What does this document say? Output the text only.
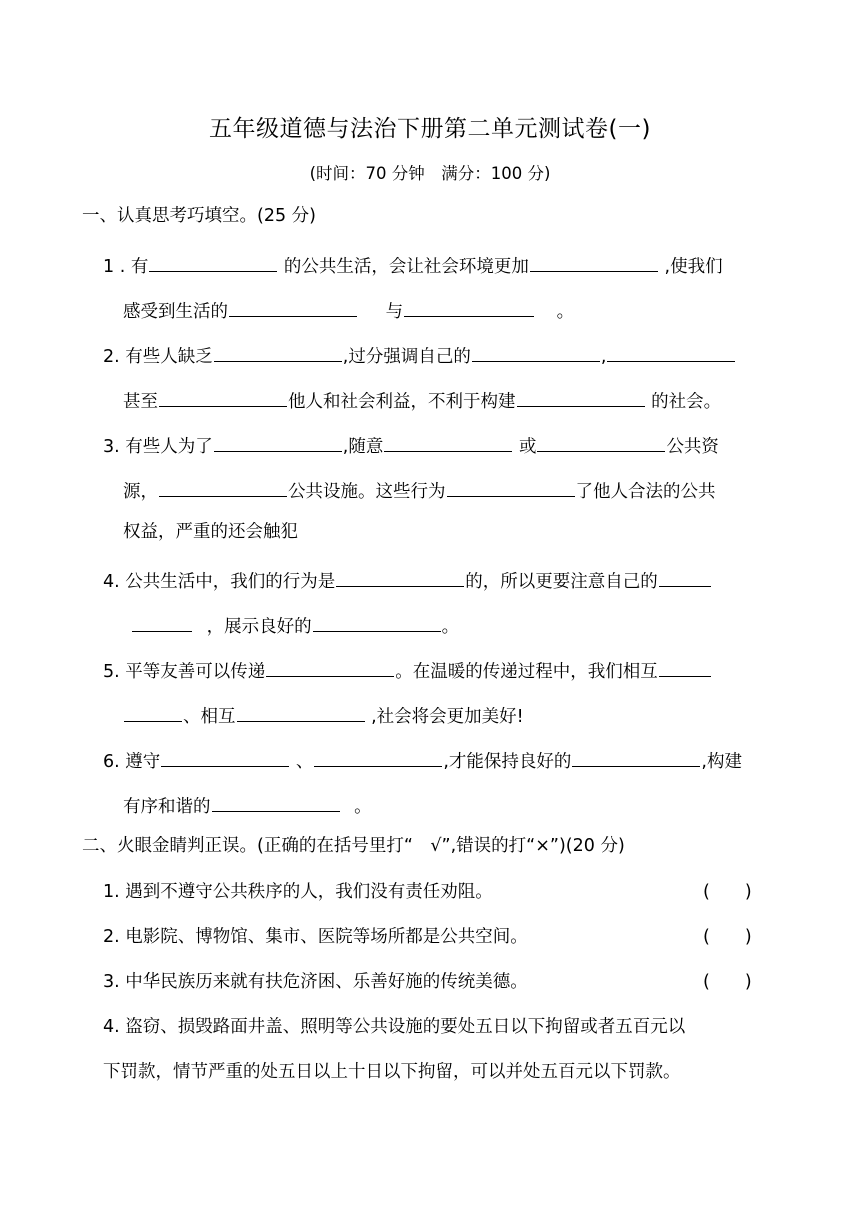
五年级道德与法治下册第二单元测试卷(一)
(时间：70 分钟　满分：100 分)
一、认真思考巧填空。(25 分)
1 . 有	的公共生活，会让社会环境更加	,使我们
感受到生活的	与	。
2. 有些人缺乏	,过分强调自己的	,
甚至	他人和社会利益，不利于构建	的社会。
3. 有些人为了	,随意	或	公共资
源，	公共设施。这些行为	了他人合法的公共
权益，严重的还会触犯
4. 公共生活中，我们的行为是	的，所以更要注意自己的
，展示良好的	。
5. 平等友善可以传递	。在温暖的传递过程中，我们相互
、相互	,社会将会更加美好!
6. 遵守	、	,才能保持良好的	,构建
有序和谐的	。
二、火眼金睛判正误。(正确的在括号里打“　√”,错误的打“×”)(20 分)
1. 遇到不遵守公共秩序的人，我们没有责任劝阻。	(　　)
2. 电影院、博物馆、集市、医院等场所都是公共空间。	(　　)
3. 中华民族历来就有扶危济困、乐善好施的传统美德。	(　　)
4. 盗窃、损毁路面井盖、照明等公共设施的要处五日以下拘留或者五百元以
下罚款，情节严重的处五日以上十日以下拘留，可以并处五百元以下罚款。
